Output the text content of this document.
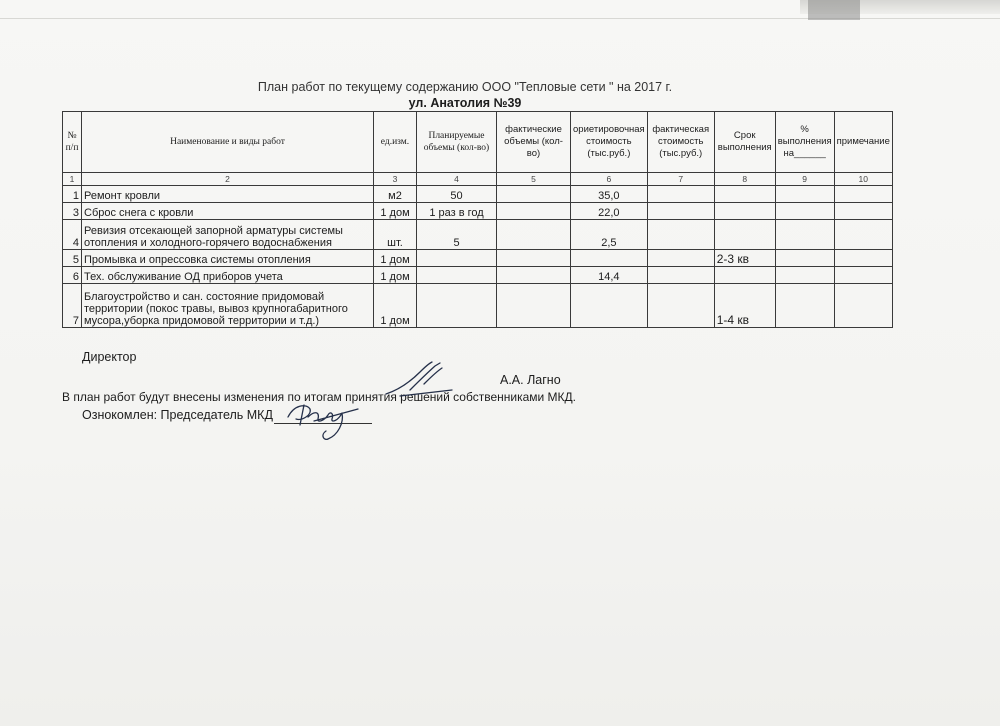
План работ по текущему содержанию ООО "Тепловые сети " на 2017 г.
ул. Анатолия №39
№ п/п	Наименование и виды работ	ед.изм.	Планируемые объемы (кол-во)	фактические объемы (кол-во)	ориетировочная стоимость (тыс.руб.)	фактическая стоимость (тыс.руб.)	Срок выполнения	% выполнения на______	примечание
1	2	3	4	5	6	7	8	9	10
1	Ремонт кровли	м2	50		35,0				
3	Сброс снега с кровли	1 дом	1 раз в год		22,0				
4	Ревизия отсекающей запорной арматуры системы отопления и холодного-горячего водоснабжения	шт.	5		2,5				
5	Промывка и опрессовка системы отопления	1 дом					2-3 кв		
6	Тех. обслуживание ОД приборов учета	1 дом			14,4				
7	Благоустройство и сан. состояние придомовай территории (покос травы, вывоз крупногабаритного мусора,уборка придомовой территории и т.д.)	1 дом					1-4 кв		
Директор
А.А. Лагно
В план работ будут внесены изменения по итогам принятия решений собственниками МКД.
Ознокомлен: Председатель МКД
